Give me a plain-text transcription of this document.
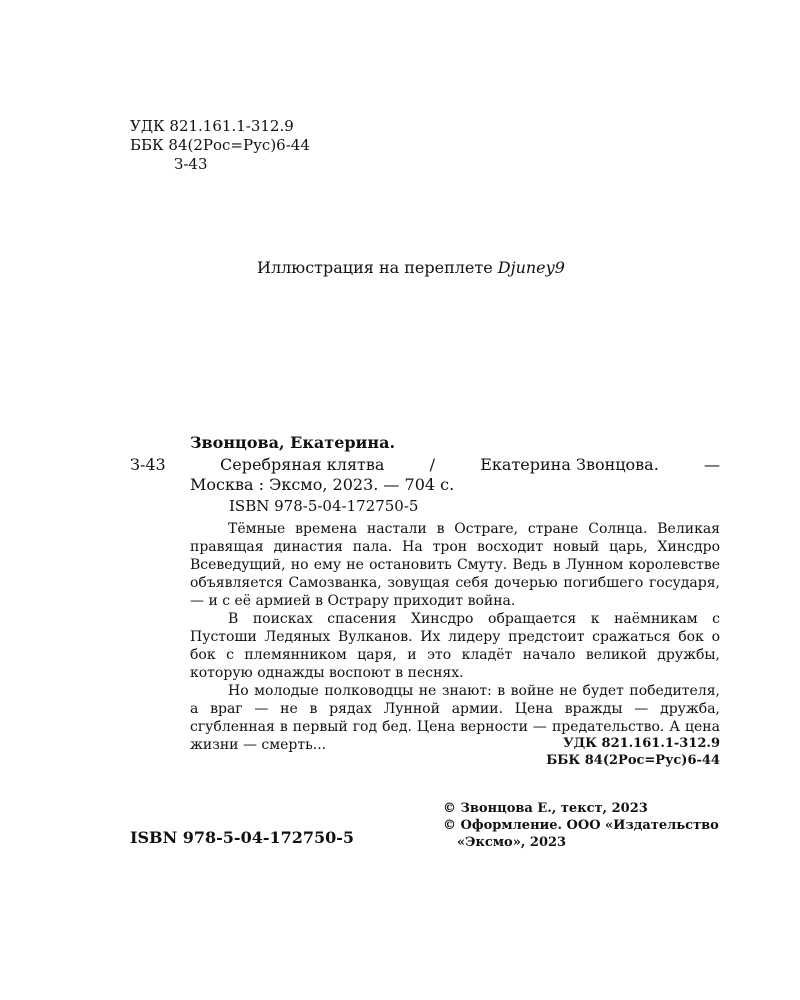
УДК 821.161.1-312.9
ББК 84(2Рос=Рус)6-44
З-43
Иллюстрация на переплете Djuney9
Звонцова, Екатерина.
З-43	Серебряная клятва	/	Екатерина Звонцова.	—
Москва : Эксмо, 2023. — 704 с.
ISBN 978-5-04-172750-5

Тёмные времена настали в Острare, стране Солнца. Великая правящая династия пала. На трон восходит новый царь, Хинсдро Всеведущий, но ему не остановить Смуту. Ведь в Лунном королевстве объявляется Самозванка, зовущая себя дочерью погибшего государя, — и с её армией в Острару приходит война.

В поисках спасения Хинсдро обращается к наёмникам с Пустоши Ледяных Вулканов. Их лидеру предстоит сражаться бок о бок с племянником царя, и это кладёт начало великой дружбы, которую однажды воспоют в песнях.

Но молодые полководцы не знают: в войне не будет победителя, а враг — не в рядах Лунной армии. Цена вражды — дружба, сгубленная в первый год бед. Цена верности — предательство. А цена жизни — смерть...	УДК 821.161.1-312.9
ББК 84(2Рос=Рус)6-44
ISBN 978-5-04-172750-5
© Звонцова Е., текст, 2023
© Оформление. ООО «Издательство
«Эксмо», 2023
